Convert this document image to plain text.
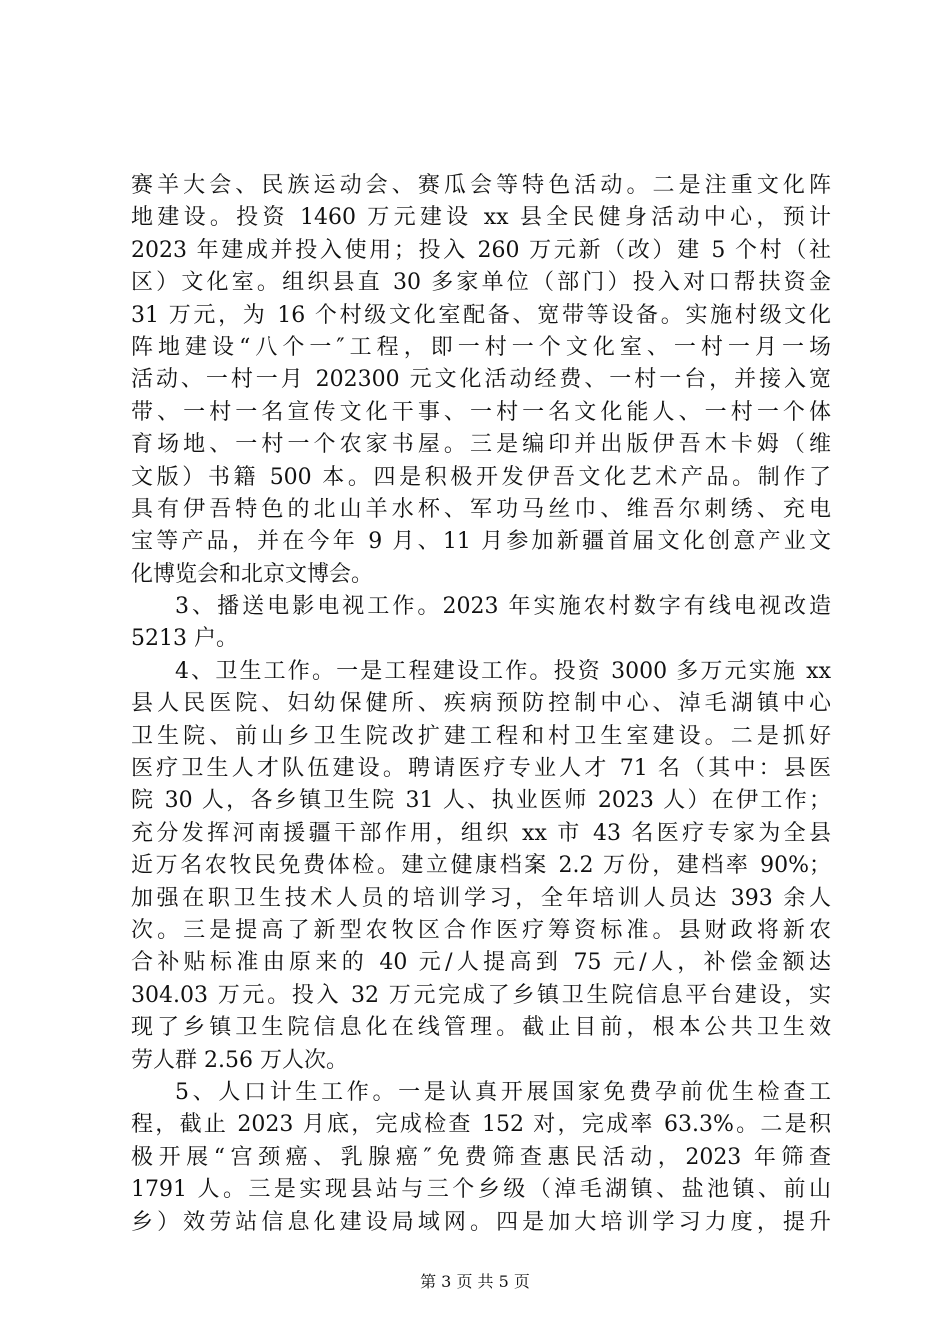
赛羊大会、民族运动会、赛瓜会等特色活动。二是注重文化阵
地建设。投资 1460 万元建设 xx 县全民健身活动中心，预计
2023 年建成并投入使用；投入 260 万元新（改）建 5 个村（社
区）文化室。组织县直 30 多家单位（部门）投入对口帮扶资金
31 万元，为 16 个村级文化室配备、宽带等设备。实施村级文化
阵地建设“八个一″工程，即一村一个文化室、一村一月一场
活动、一村一月 202300 元文化活动经费、一村一台，并接入宽
带、一村一名宣传文化干事、一村一名文化能人、一村一个体
育场地、一村一个农家书屋。三是编印并出版伊吾木卡姆（维
文版）书籍 500 本。四是积极开发伊吾文化艺术产品。制作了
具有伊吾特色的北山羊水杯、军功马丝巾、维吾尔刺绣、充电
宝等产品，并在今年 9 月、11 月参加新疆首届文化创意产业文
化博览会和北京文博会。
3、播送电影电视工作。2023 年实施农村数字有线电视改造
5213 户。
4、卫生工作。一是工程建设工作。投资 3000 多万元实施 xx
县人民医院、妇幼保健所、疾病预防控制中心、淖毛湖镇中心
卫生院、前山乡卫生院改扩建工程和村卫生室建设。二是抓好
医疗卫生人才队伍建设。聘请医疗专业人才 71 名（其中：县医
院 30 人，各乡镇卫生院 31 人、执业医师 2023 人）在伊工作；
充分发挥河南援疆干部作用，组织 xx 市 43 名医疗专家为全县
近万名农牧民免费体检。建立健康档案 2.2 万份，建档率 90%；
加强在职卫生技术人员的培训学习，全年培训人员达 393 余人
次。三是提高了新型农牧区合作医疗筹资标准。县财政将新农
合补贴标准由原来的 40 元/人提高到 75 元/人，补偿金额达
304.03 万元。投入 32 万元完成了乡镇卫生院信息平台建设，实
现了乡镇卫生院信息化在线管理。截止目前，根本公共卫生效
劳人群 2.56 万人次。
5、人口计生工作。一是认真开展国家免费孕前优生检查工
程，截止 2023 月底，完成检查 152 对，完成率 63.3%。二是积
极开展“宫颈癌、乳腺癌″免费筛查惠民活动，2023 年筛查
1791 人。三是实现县站与三个乡级（淖毛湖镇、盐池镇、前山
乡）效劳站信息化建设局域网。四是加大培训学习力度，提升
第 3 页 共 5 页
